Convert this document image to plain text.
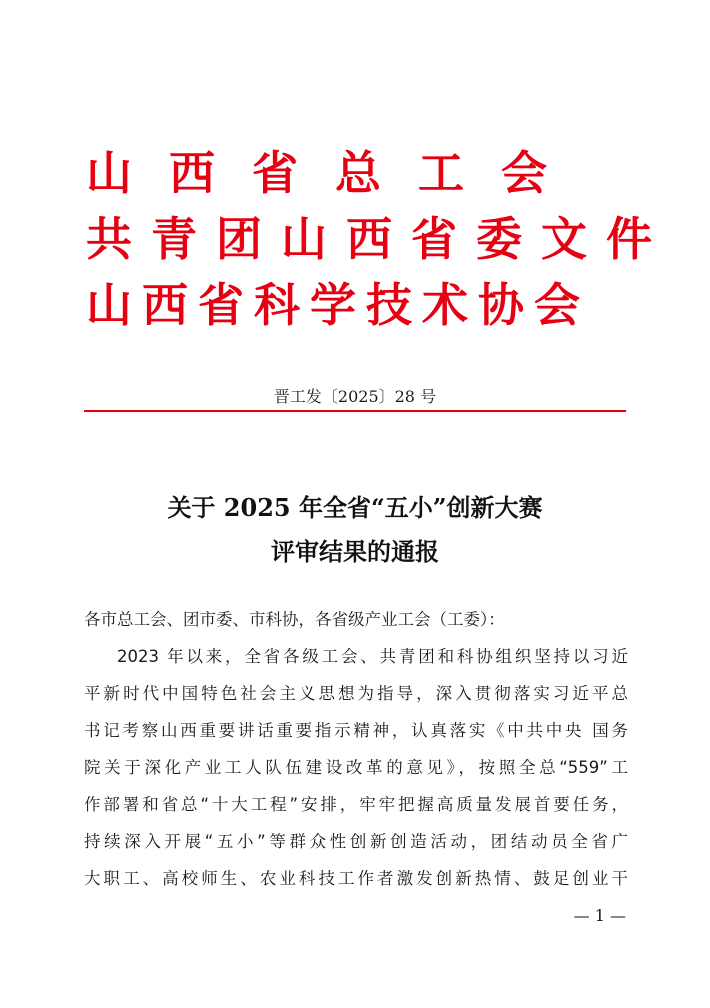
山西省总工会
共青团山西省委文件
山西省科学技术协会
晋工发〔2025〕28 号
关于 2025 年全省“五小”创新大赛
评审结果的通报
各市总工会、团市委、市科协，各省级产业工会（工委）：
2023 年以来，全省各级工会、共青团和科协组织坚持以习近
平新时代中国特色社会主义思想为指导，深入贯彻落实习近平总
书记考察山西重要讲话重要指示精神，认真落实《中共中央 国务
院关于深化产业工人队伍建设改革的意见》，按照全总“559”工
作部署和省总“十大工程”安排，牢牢把握高质量发展首要任务，
持续深入开展“五小”等群众性创新创造活动，团结动员全省广
大职工、高校师生、农业科技工作者激发创新热情、鼓足创业干
— 1 —
